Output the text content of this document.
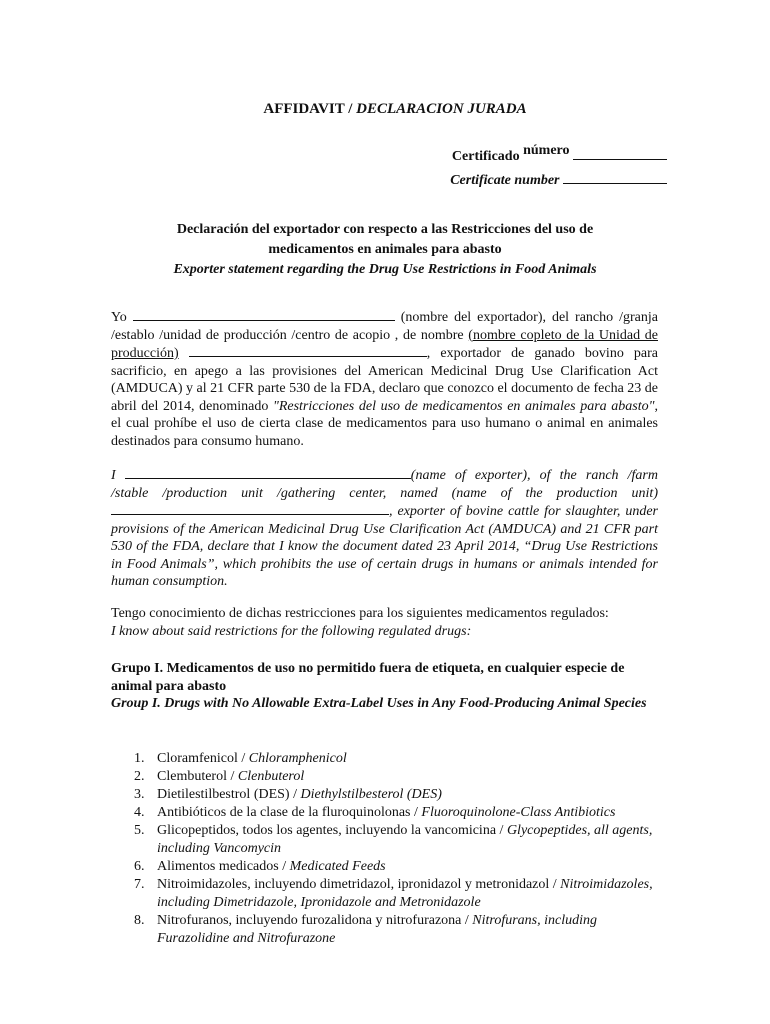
AFFIDAVIT / DECLARACION JURADA
Certificado número
Certificate number
Declaración del exportador con respecto a las Restricciones del uso de medicamentos en animales para abasto
Exporter statement regarding the Drug Use Restrictions in Food Animals
Yo	(nombre del exportador), del rancho /granja /establo /unidad de producción /centro de acopio , de nombre (nombre copleto de la Unidad de producción)	, exportador de ganado bovino para sacrificio, en apego a las provisiones del American Medicinal Drug Use Clarification Act (AMDUCA) y al 21 CFR parte 530 de la FDA, declaro que conozco el documento de fecha 23 de abril del 2014, denominado "Restricciones del uso de medicamentos en animales para abasto", el cual prohíbe el uso de cierta clase de medicamentos para uso humano o animal en animales destinados para consumo humano.
I	(name of exporter), of the ranch /farm /stable /production unit /gathering center, named (name of the production unit), exporter of bovine cattle for slaughter, under provisions of the American Medicinal Drug Use Clarification Act (AMDUCA) and 21 CFR part 530 of the FDA, declare that I know the document dated 23 April 2014, “Drug Use Restrictions in Food Animals”, which prohibits the use of certain drugs in humans or animals intended for human consumption.
Tengo conocimiento de dichas restricciones para los siguientes medicamentos regulados:
I know about said restrictions for the following regulated drugs:
Grupo I. Medicamentos de uso no permitido fuera de etiqueta, en cualquier especie de animal para abasto
Group I. Drugs with No Allowable Extra-Label Uses in Any Food-Producing Animal Species
1. Cloramfenicol / Chloramphenicol
2. Clembuterol / Clenbuterol
3. Dietilestilbestrol (DES) / Diethylstilbesterol (DES)
4. Antibióticos de la clase de la fluroquinolonas / Fluoroquinolone-Class Antibiotics
5. Glicopeptidos, todos los agentes, incluyendo la vancomicina / Glycopeptides, all agents, including Vancomycin
6. Alimentos medicados / Medicated Feeds
7. Nitroimidazoles, incluyendo dimetridazol, ipronidazol y metronidazol / Nitroimidazoles, including Dimetridazole, Ipronidazole and Metronidazole
8. Nitrofuranos, incluyendo furozalidona y nitrofurazona / Nitrofurans, including Furazolidine and Nitrofurazone
